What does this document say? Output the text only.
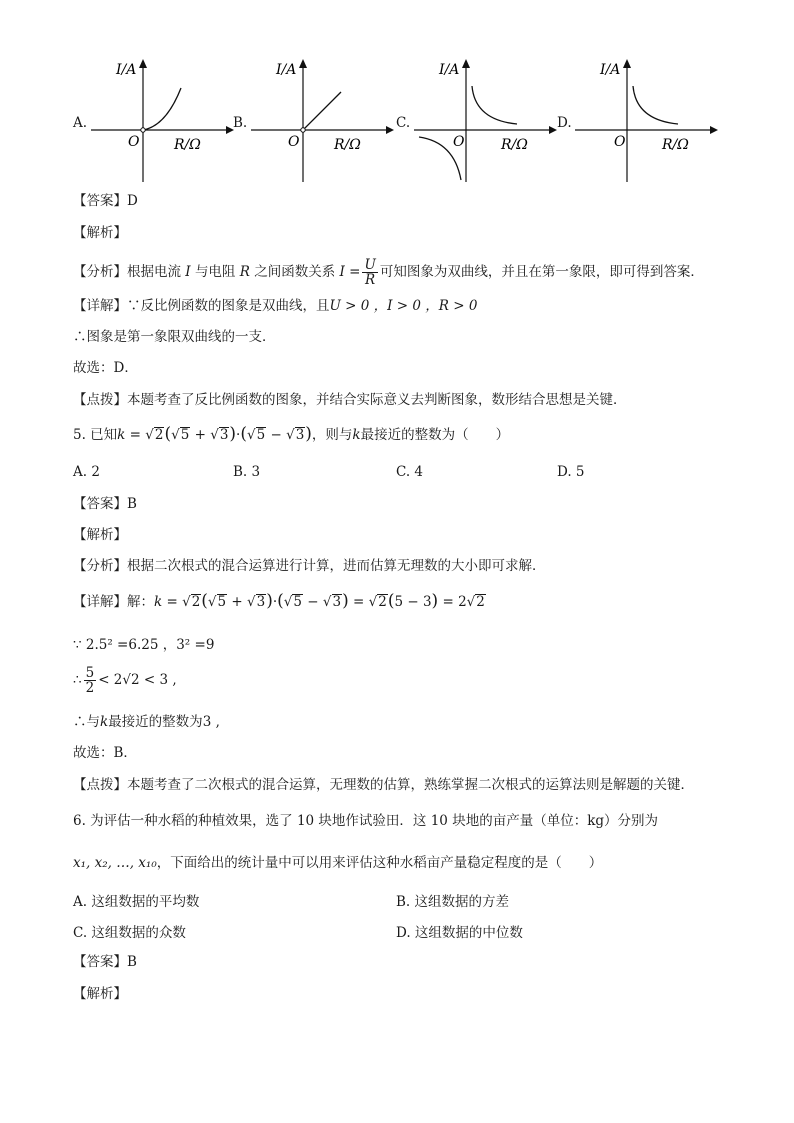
A.
I/A
R/Ω
O
B.
I/A
R/Ω
O
C.
I/A
R/Ω
O
D.
I/A
R/Ω
O
【答案】D
【解析】
【分析】根据电流 I 与电阻 R 之间函数关系 $I = \frac{U}{R}$ 可知图象为双曲线，并且在第一象限，即可得到答案．
【详解】∵反比例函数的图象是双曲线，且U > 0 ，I > 0 ，R > 0
∴图象是第一象限双曲线的一支．
故选：D．
【点拨】本题考查了反比例函数的图象，并结合实际意义去判断图象，数形结合思想是关键．
5. 已知k = √2(√5 + √3)·(√5 − √3)，则与k最接近的整数为（　　）
A. 2	B. 3	C. 4	D. 5
【答案】B
【解析】
【分析】根据二次根式的混合运算进行计算，进而估算无理数的大小即可求解．
【详解】解：k = √2(√5 + √3)·(√5 − √3) = √2(5 − 3) = 2√2
∵ 2.5² =6.25 ，3² =9
∴ $\frac{5}{2} < 2√2 < 3$ ,
∴与k最接近的整数为3 ,
故选：B．
【点拨】本题考查了二次根式的混合运算，无理数的估算，熟练掌握二次根式的运算法则是解题的关键．
6. 为评估一种水稻的种植效果，选了 10 块地作试验田．这 10 块地的亩产量（单位：kg）分别为
x₁, x₂, …, x₁₀，下面给出的统计量中可以用来评估这种水稻亩产量稳定程度的是（　　）
A. 这组数据的平均数	B. 这组数据的方差
C. 这组数据的众数	D. 这组数据的中位数
【答案】B
【解析】
